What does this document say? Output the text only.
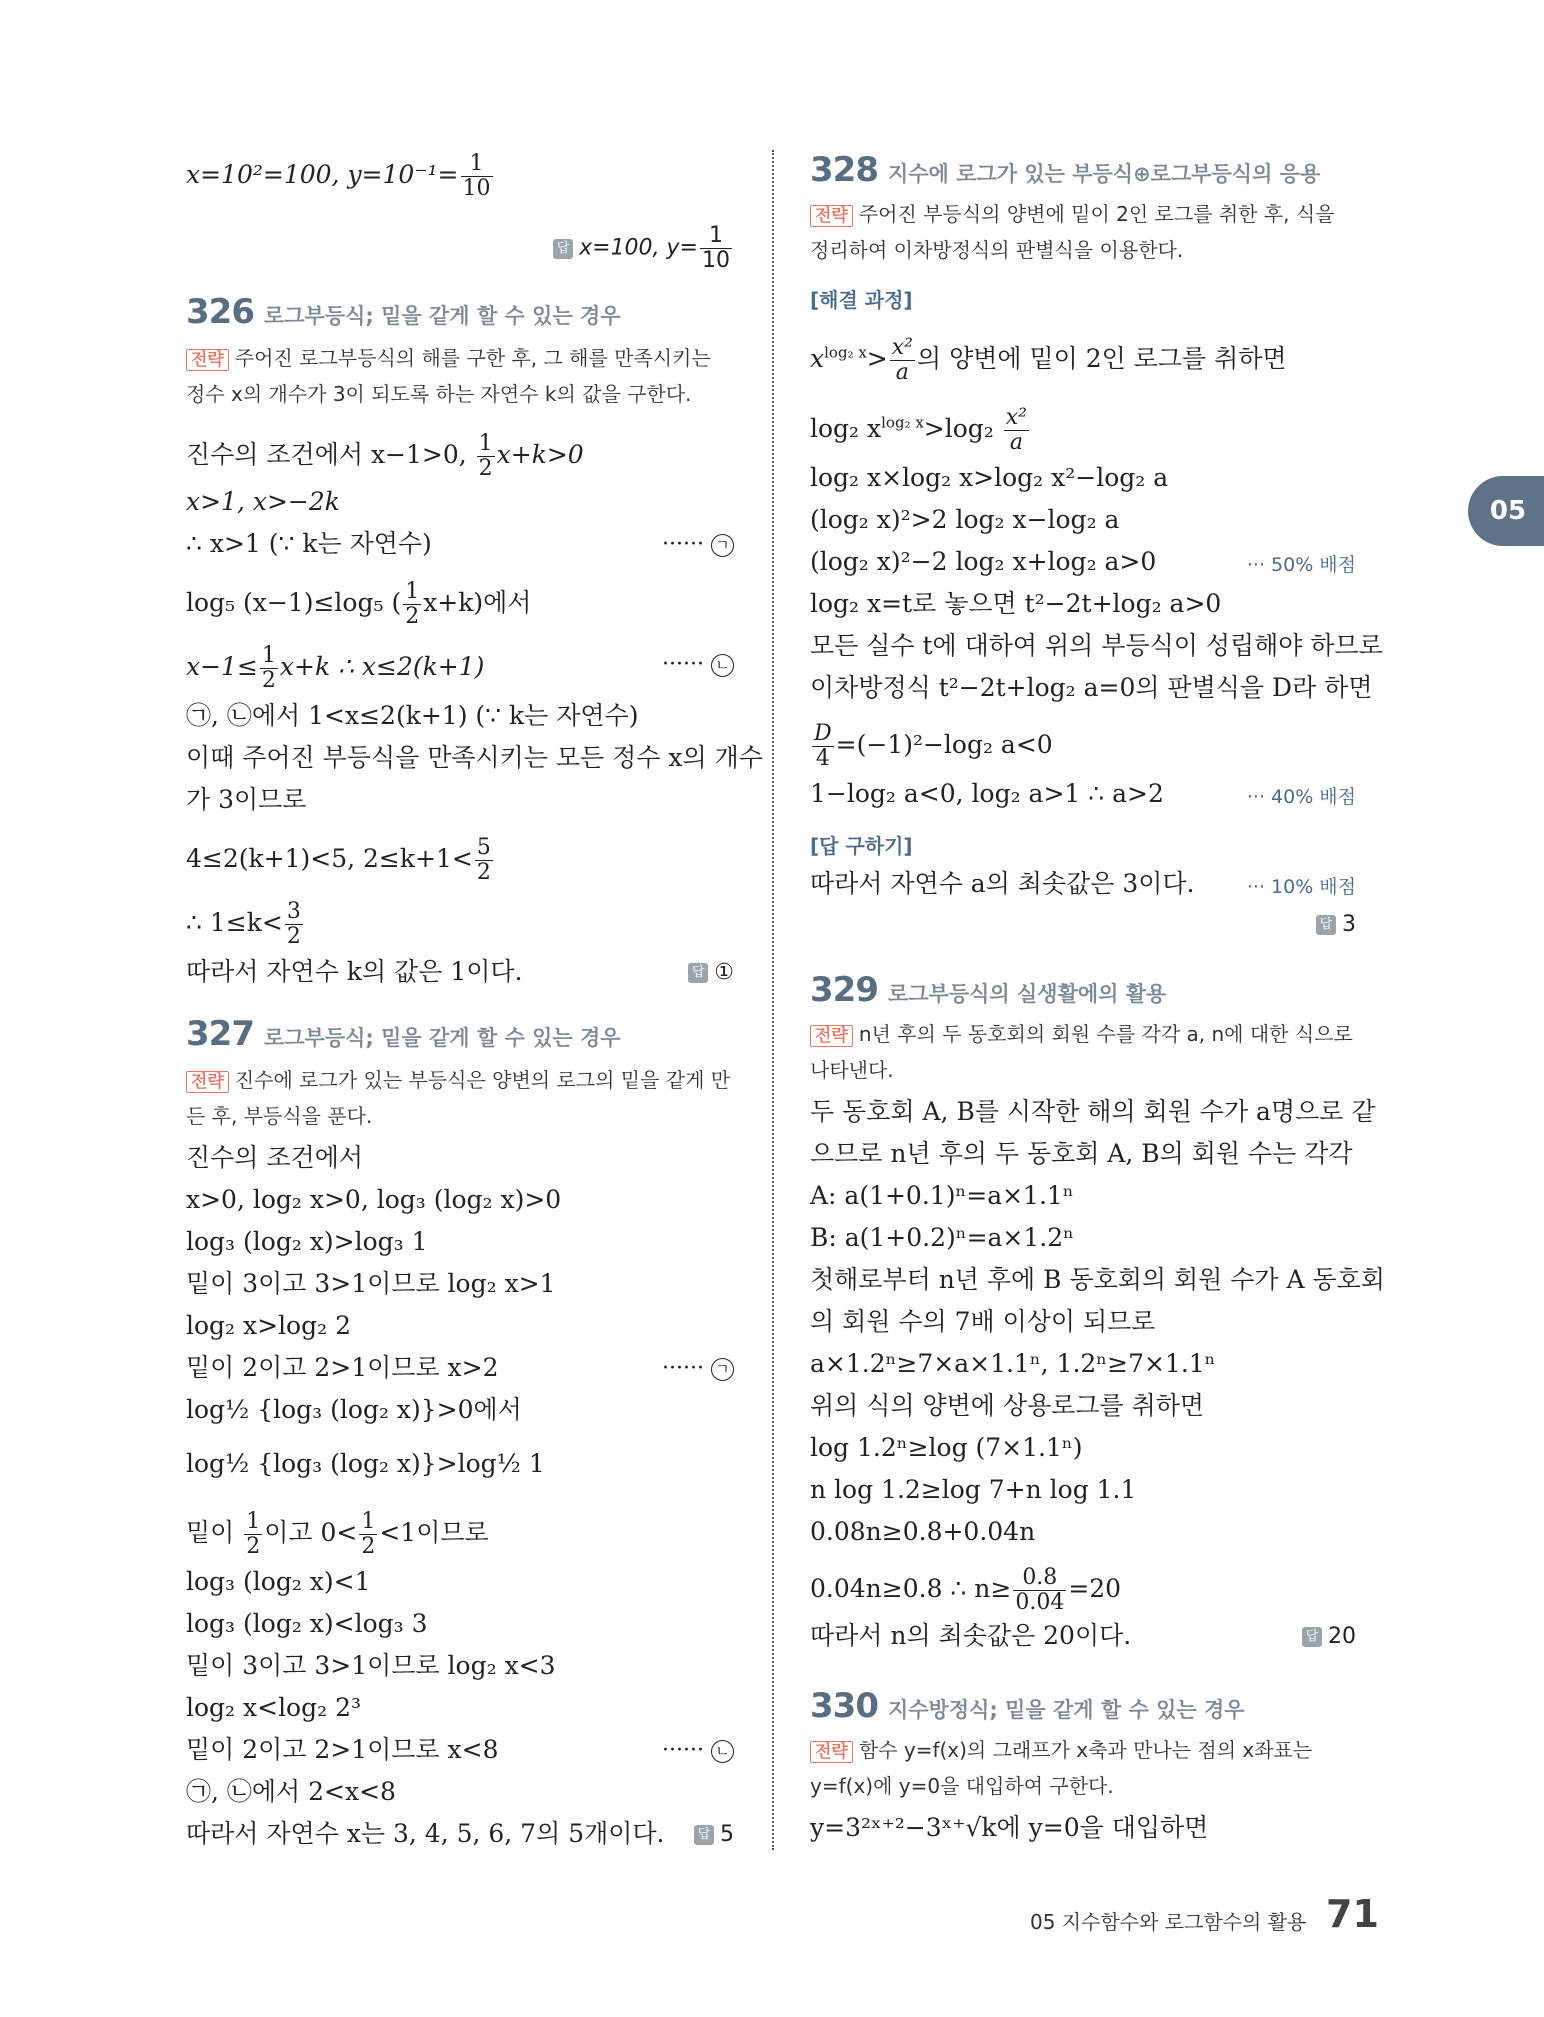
05
x=10²=100, $y=10^{-1}= \frac{1}{10}$
답 x=100, $y= \frac{1}{10}$
326 로그부등식; 밑을 같게 할 수 있는 경우
전략 주어진 로그부등식의 해를 구한 후, 그 해를 만족시키는 정수 x의 개수가 3이 되도록 하는 자연수 k의 값을 구한다.
진수의 조건에서 x−1>0, $\frac{1}{2} x+k>0$
x>1, x>−2k
∴ x>1 (∵ k는 자연수)	······ ㄱ
log₅ (x−1)≤log₅ ( $\frac{1}{2} x+k$)에서
$x-1\le \frac{1}{2} x+k$ ∴ x≤2(k+1)	······ ㄴ
㉠, ㉡에서 1<x≤2(k+1) (∵ k는 자연수)
이때 주어진 부등식을 만족시키는 모든 정수 x의 개수
가 3이므로
4≤2(k+1)<5, $2\le k+1< \frac{5}{2}$
∴ $1\le k< \frac{3}{2}$
따라서 자연수 k의 값은 1이다.	답 ①
327 로그부등식; 밑을 같게 할 수 있는 경우
전략 진수에 로그가 있는 부등식은 양변의 로그의 밑을 같게 만든 후, 부등식을 푼다.
진수의 조건에서
x>0, log₂ x>0, log₃ (log₂ x)>0
log₃ (log₂ x)>log₃ 1
밑이 3이고 3>1이므로 log₂ x>1
log₂ x>log₂ 2
밑이 2이고 2>1이므로 x>2	······ ㄱ
log½ {log₃ (log₂ x)}>0에서
log½ {log₃ (log₂ x)}>log½ 1
밑이 $\frac{1}{2}$ 이고 $0< \frac{1}{2} <1$이므로
log₃ (log₂ x)<1
log₃ (log₂ x)<log₃ 3
밑이 3이고 3>1이므로 log₂ x<3
log₂ x<log₂ 2³
밑이 2이고 2>1이므로 x<8	······ ㄴ
㉠, ㉡에서 2<x<8
따라서 자연수 x는 3, 4, 5, 6, 7의 5개이다.	답 5
328 지수에 로그가 있는 부등식⊕로그부등식의 응용
전략 주어진 부등식의 양변에 밑이 2인 로그를 취한 후, 식을 정리하여 이차방정식의 판별식을 이용한다.
[해결 과정]
$x^{log_2 x}> \frac{\text{x²}}{a}$ 의 양변에 밑이 2인 로그를 취하면
log₂ $x^{log_2 x}>\log_2 \frac{\text{x²}}{a}$
log₂ x×log₂ x>log₂ x²−log₂ a
(log₂ x)²>2 log₂ x−log₂ a
(log₂ x)²−2 log₂ x+log₂ a>0	··· 50% 배점
log₂ x=t로 놓으면 t²−2t+log₂ a>0
모든 실수 t에 대하여 위의 부등식이 성립해야 하므로
이차방정식 t²−2t+log₂ a=0의 판별식을 D라 하면
$\frac{D}{4} =(-1)^2-\log_2$ a<0
1−log₂ a<0, log₂ a>1 ∴ a>2	··· 40% 배점
[답 구하기]
따라서 자연수 a의 최솟값은 3이다.	··· 10% 배점
답 3
329 로그부등식의 실생활에의 활용
전략 n년 후의 두 동호회의 회원 수를 각각 a, n에 대한 식으로 나타낸다.
두 동호회 A, B를 시작한 해의 회원 수가 a명으로 같
으므로 n년 후의 두 동호회 A, B의 회원 수는 각각
A: a(1+0.1)ⁿ=a×1.1ⁿ
B: a(1+0.2)ⁿ=a×1.2ⁿ
첫해로부터 n년 후에 B 동호회의 회원 수가 A 동호회
의 회원 수의 7배 이상이 되므로
a×1.2ⁿ≥7×a×1.1ⁿ, 1.2ⁿ≥7×1.1ⁿ
위의 식의 양변에 상용로그를 취하면
log 1.2ⁿ≥log (7×1.1ⁿ)
n log 1.2≥log 7+n log 1.1
0.08n≥0.8+0.04n
0.04n≥0.8 ∴ $n\ge \frac{0.8}{0.04} =20$
따라서 n의 최솟값은 20이다.	답 20
330 지수방정식; 밑을 같게 할 수 있는 경우
전략 함수 y=f(x)의 그래프가 x축과 만나는 점의 x좌표는 y=f(x)에 y=0을 대입하여 구한다.
y=3²ˣ⁺²−3ˣ⁺√k에 y=0을 대입하면
05 지수함수와 로그함수의 활용 71
